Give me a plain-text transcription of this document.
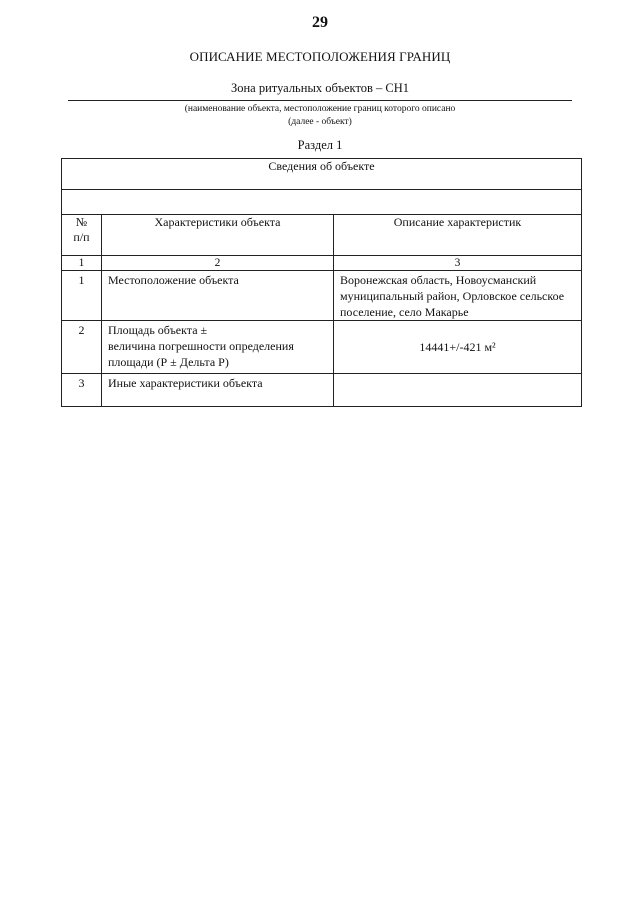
29
ОПИСАНИЕ МЕСТОПОЛОЖЕНИЯ ГРАНИЦ
Зона ритуальных объектов – СН1
(наименование объекта, местоположение границ которого описано
(далее - объект)
Раздел 1
Сведения об объекте		

№
п/п	Характеристики объекта	Описание характеристик
1	2	3
1	Местоположение объекта	Воронежская область, Новоусманский муниципальный район, Орловское сельское поселение, село Макарье
2	Площадь объекта ±
величина погрешности определения
площади (Р ± Дельта Р)	14441+/-421 м²
3	Иные характеристики объекта	
